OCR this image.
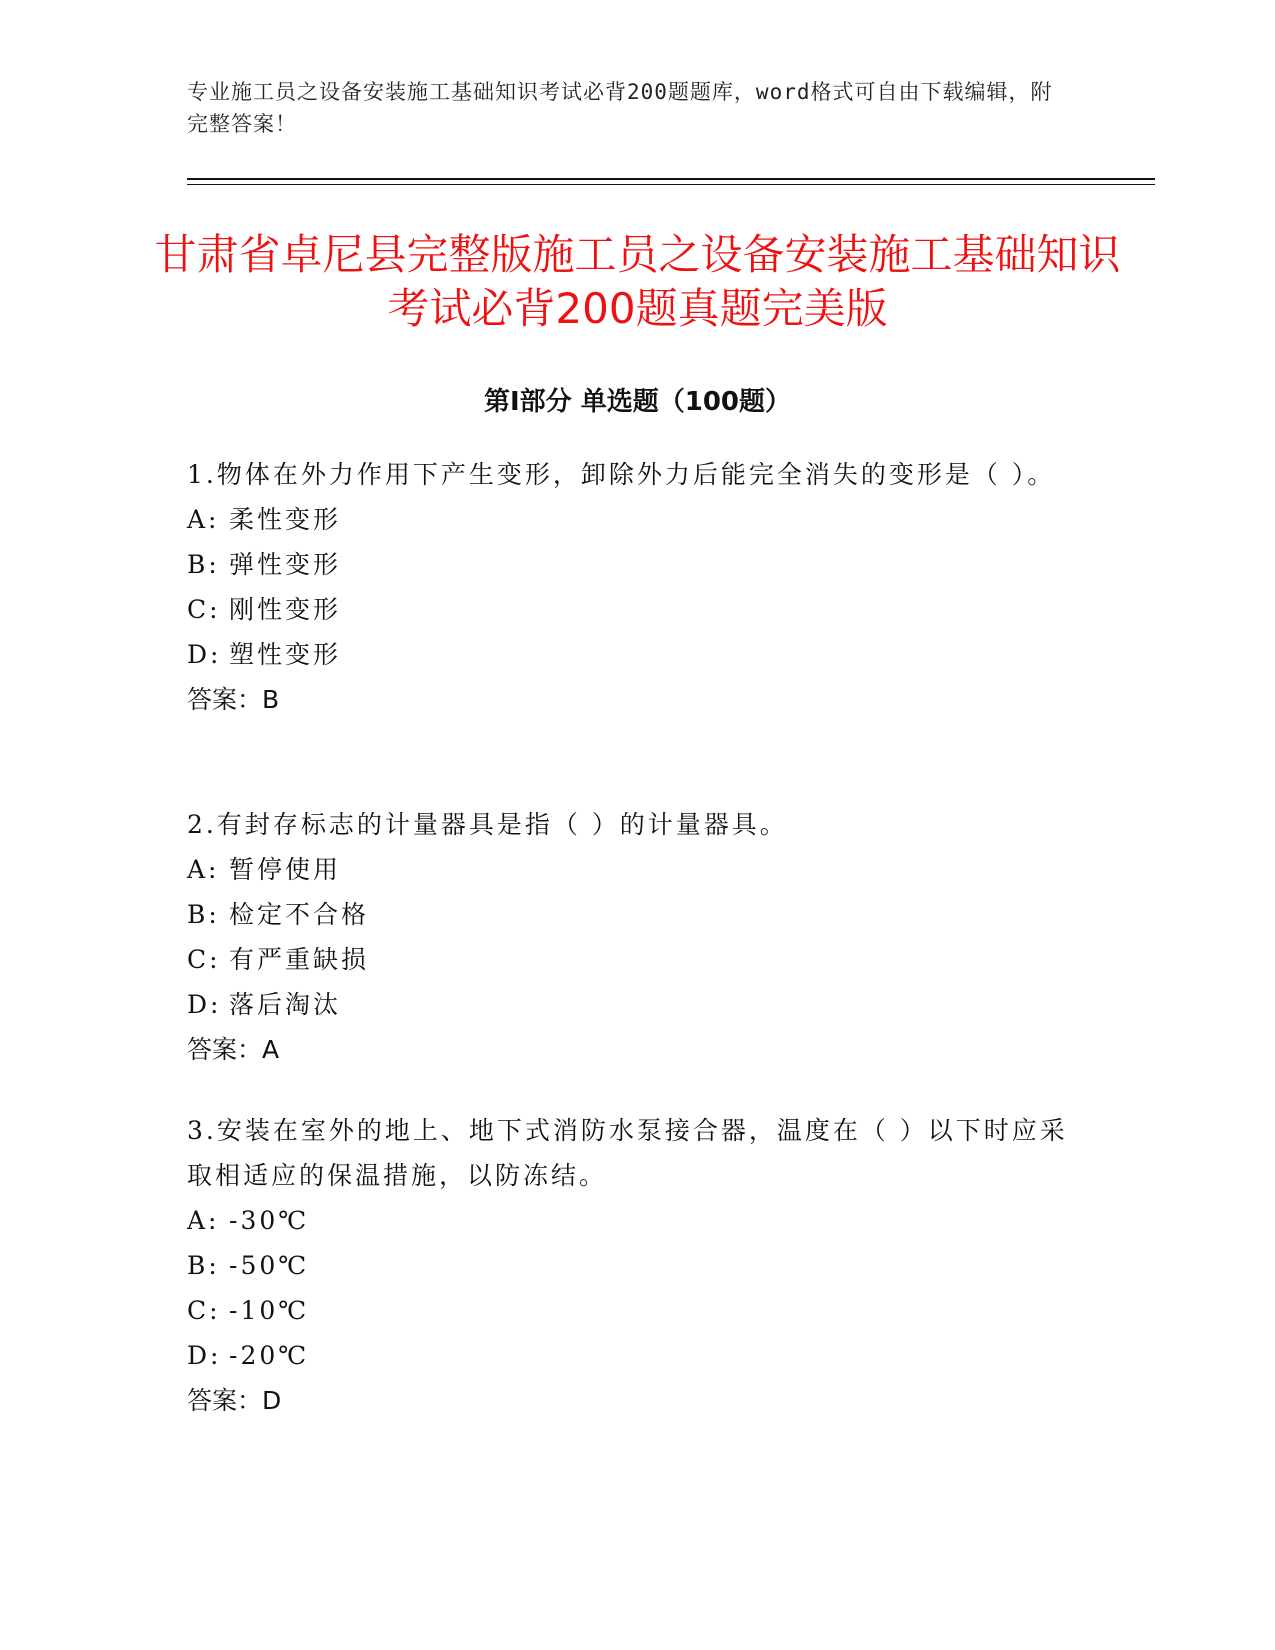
专业施工员之设备安装施工基础知识考试必背200题题库，word格式可自由下载编辑，附完整答案！
甘肃省卓尼县完整版施工员之设备安装施工基础知识考试必背200题真题完美版
第I部分 单选题（100题）

1.物体在外力作用下产生变形，卸除外力后能完全消失的变形是（ ）。

A: 柔性变形

B: 弹性变形

C: 刚性变形

D: 塑性变形

答案：B

2.有封存标志的计量器具是指（ ）的计量器具。

A: 暂停使用

B: 检定不合格

C: 有严重缺损

D: 落后淘汰

答案：A

3.安装在室外的地上、地下式消防水泵接合器，温度在（ ）以下时应采取相适应的保温措施，以防冻结。

A: -30℃

B: -50℃

C: -10℃

D: -20℃

答案：D
